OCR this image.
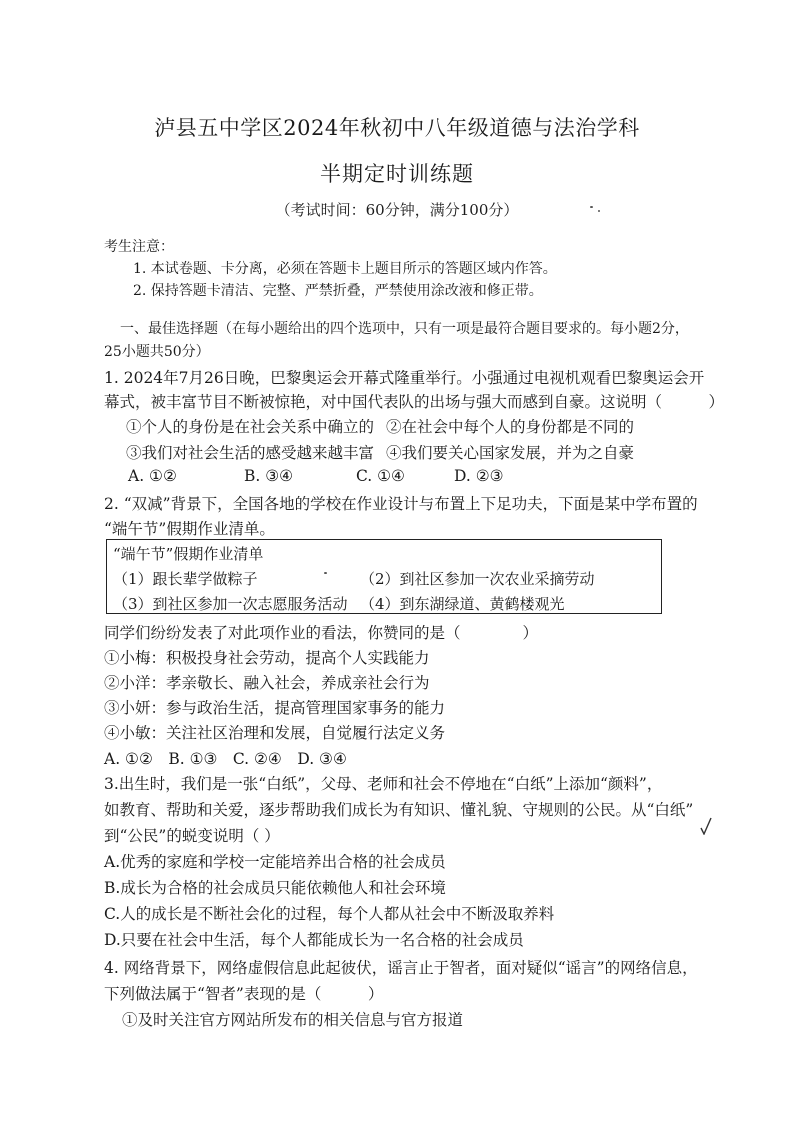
泸县五中学区2024年秋初中八年级道德与法治学科
半期定时训练题
（考试时间：60分钟，满分100分）
考生注意：
1. 本试卷题、卡分离，必须在答题卡上题目所示的答题区域内作答。
2. 保持答题卡清洁、完整、严禁折叠，严禁使用涂改液和修正带。
一、最佳选择题（在每小题给出的四个选项中，只有一项是最符合题目要求的。每小题2分，
25小题共50分）
1. 2024年7月26日晚，巴黎奥运会开幕式隆重举行。小强通过电视机观看巴黎奥运会开
幕式，被丰富节目不断被惊艳，对中国代表队的出场与强大而感到自豪。这说明（　　　）
①个人的身份是在社会关系中确立的 ②在社会中每个人的身份都是不同的
③我们对社会生活的感受越来越丰富 ④我们要关心国家发展，并为之自豪
A. ①②	B. ③④	C. ①④	D. ②③
2. “双减”背景下，全国各地的学校在作业设计与布置上下足功夫，下面是某中学布置的
“端午节”假期作业清单。
“端午节”假期作业清单
（1）跟长辈学做粽子	（2）到社区参加一次农业采摘劳动
（3）到社区参加一次志愿服务活动 （4）到东湖绿道、黄鹤楼观光
同学们纷纷发表了对此项作业的看法，你赞同的是（　　　　）
①小梅：积极投身社会劳动，提高个人实践能力
②小洋：孝亲敬长、融入社会，养成亲社会行为
③小妍：参与政治生活，提高管理国家事务的能力
④小敏：关注社区治理和发展，自觉履行法定义务
A. ①②　B. ①③　C. ②④　D. ③④
3.出生时，我们是一张“白纸”，父母、老师和社会不停地在“白纸”上添加“颜料”，
如教育、帮助和关爱，逐步帮助我们成长为有知识、懂礼貌、守规则的公民。从“白纸”
到“公民”的蜕变说明（ ）
A.优秀的家庭和学校一定能培养出合格的社会成员
B.成长为合格的社会成员只能依赖他人和社会环境
C.人的成长是不断社会化的过程，每个人都从社会中不断汲取养料
D.只要在社会中生活，每个人都能成长为一名合格的社会成员
4. 网络背景下，网络虚假信息此起彼伏，谣言止于智者，面对疑似“谣言”的网络信息，
下列做法属于“智者”表现的是（　　　）
①及时关注官方网站所发布的相关信息与官方报道
